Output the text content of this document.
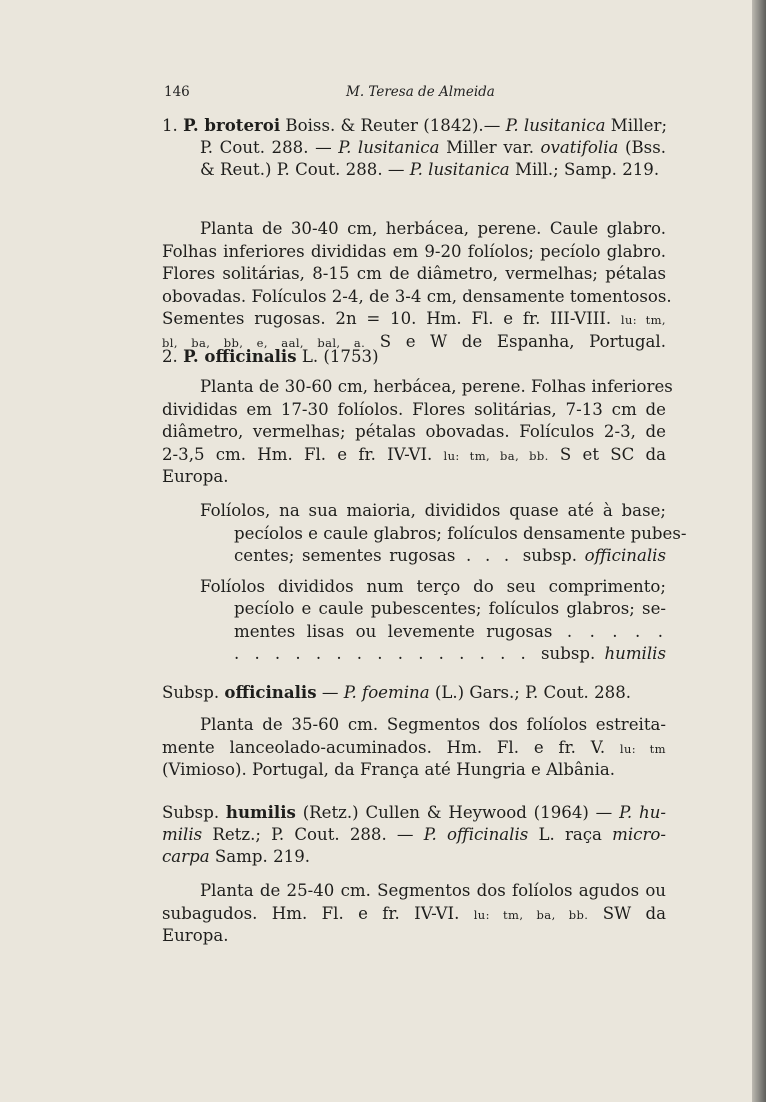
146	M. Teresa de Almeida
1. P. broteroi Boiss. & Reuter (1842).— P. lusitanica Miller;
P. Cout. 288. — P. lusitanica Miller var. ovatifolia (Bss.
& Reut.) P. Cout. 288. — P. lusitanica Mill.; Samp. 219.
Planta de 30-40 cm, herbácea, perene. Caule glabro.
Folhas inferiores divididas em 9-20 folíolos; pecíolo glabro.
Flores solitárias, 8-15 cm de diâmetro, vermelhas; pétalas
obovadas. Folículos 2-4, de 3-4 cm, densamente tomentosos.
Sementes rugosas. 2n = 10. Hm. Fl. e fr. III-VIII. lu: tm,
bl, ba, bb, e, aal, bal, a. S e W de Espanha, Portugal.
2. P. officinalis L. (1753)
Planta de 30-60 cm, herbácea, perene. Folhas inferiores
divididas em 17-30 folíolos. Flores solitárias, 7-13 cm de
diâmetro, vermelhas; pétalas obovadas. Folículos 2-3, de
2-3,5 cm. Hm. Fl. e fr. IV-VI. lu: tm, ba, bb. S et SC da
Europa.
Folíolos, na sua maioria, divididos quase até à base;
pecíolos e caule glabros; folículos densamente pubes-
centes; sementes rugosas . . . subsp. officinalis
Folíolos divididos num terço do seu comprimento;
pecíolo e caule pubescentes; folículos glabros; se-
mentes lisas ou levemente rugosas . . . . .
. . . . . . . . . . . . . . . subsp. humilis
Subsp. officinalis — P. foemina (L.) Gars.; P. Cout. 288.
Planta de 35-60 cm. Segmentos dos folíolos estreita-
mente lanceolado-acuminados. Hm. Fl. e fr. V. lu: tm
(Vimioso). Portugal, da França até Hungria e Albânia.
Subsp. humilis (Retz.) Cullen & Heywood (1964) — P. hu-
milis Retz.; P. Cout. 288. — P. officinalis L. raça micro-
carpa Samp. 219.
Planta de 25-40 cm. Segmentos dos folíolos agudos ou
subagudos. Hm. Fl. e fr. IV-VI. lu: tm, ba, bb. SW da
Europa.
